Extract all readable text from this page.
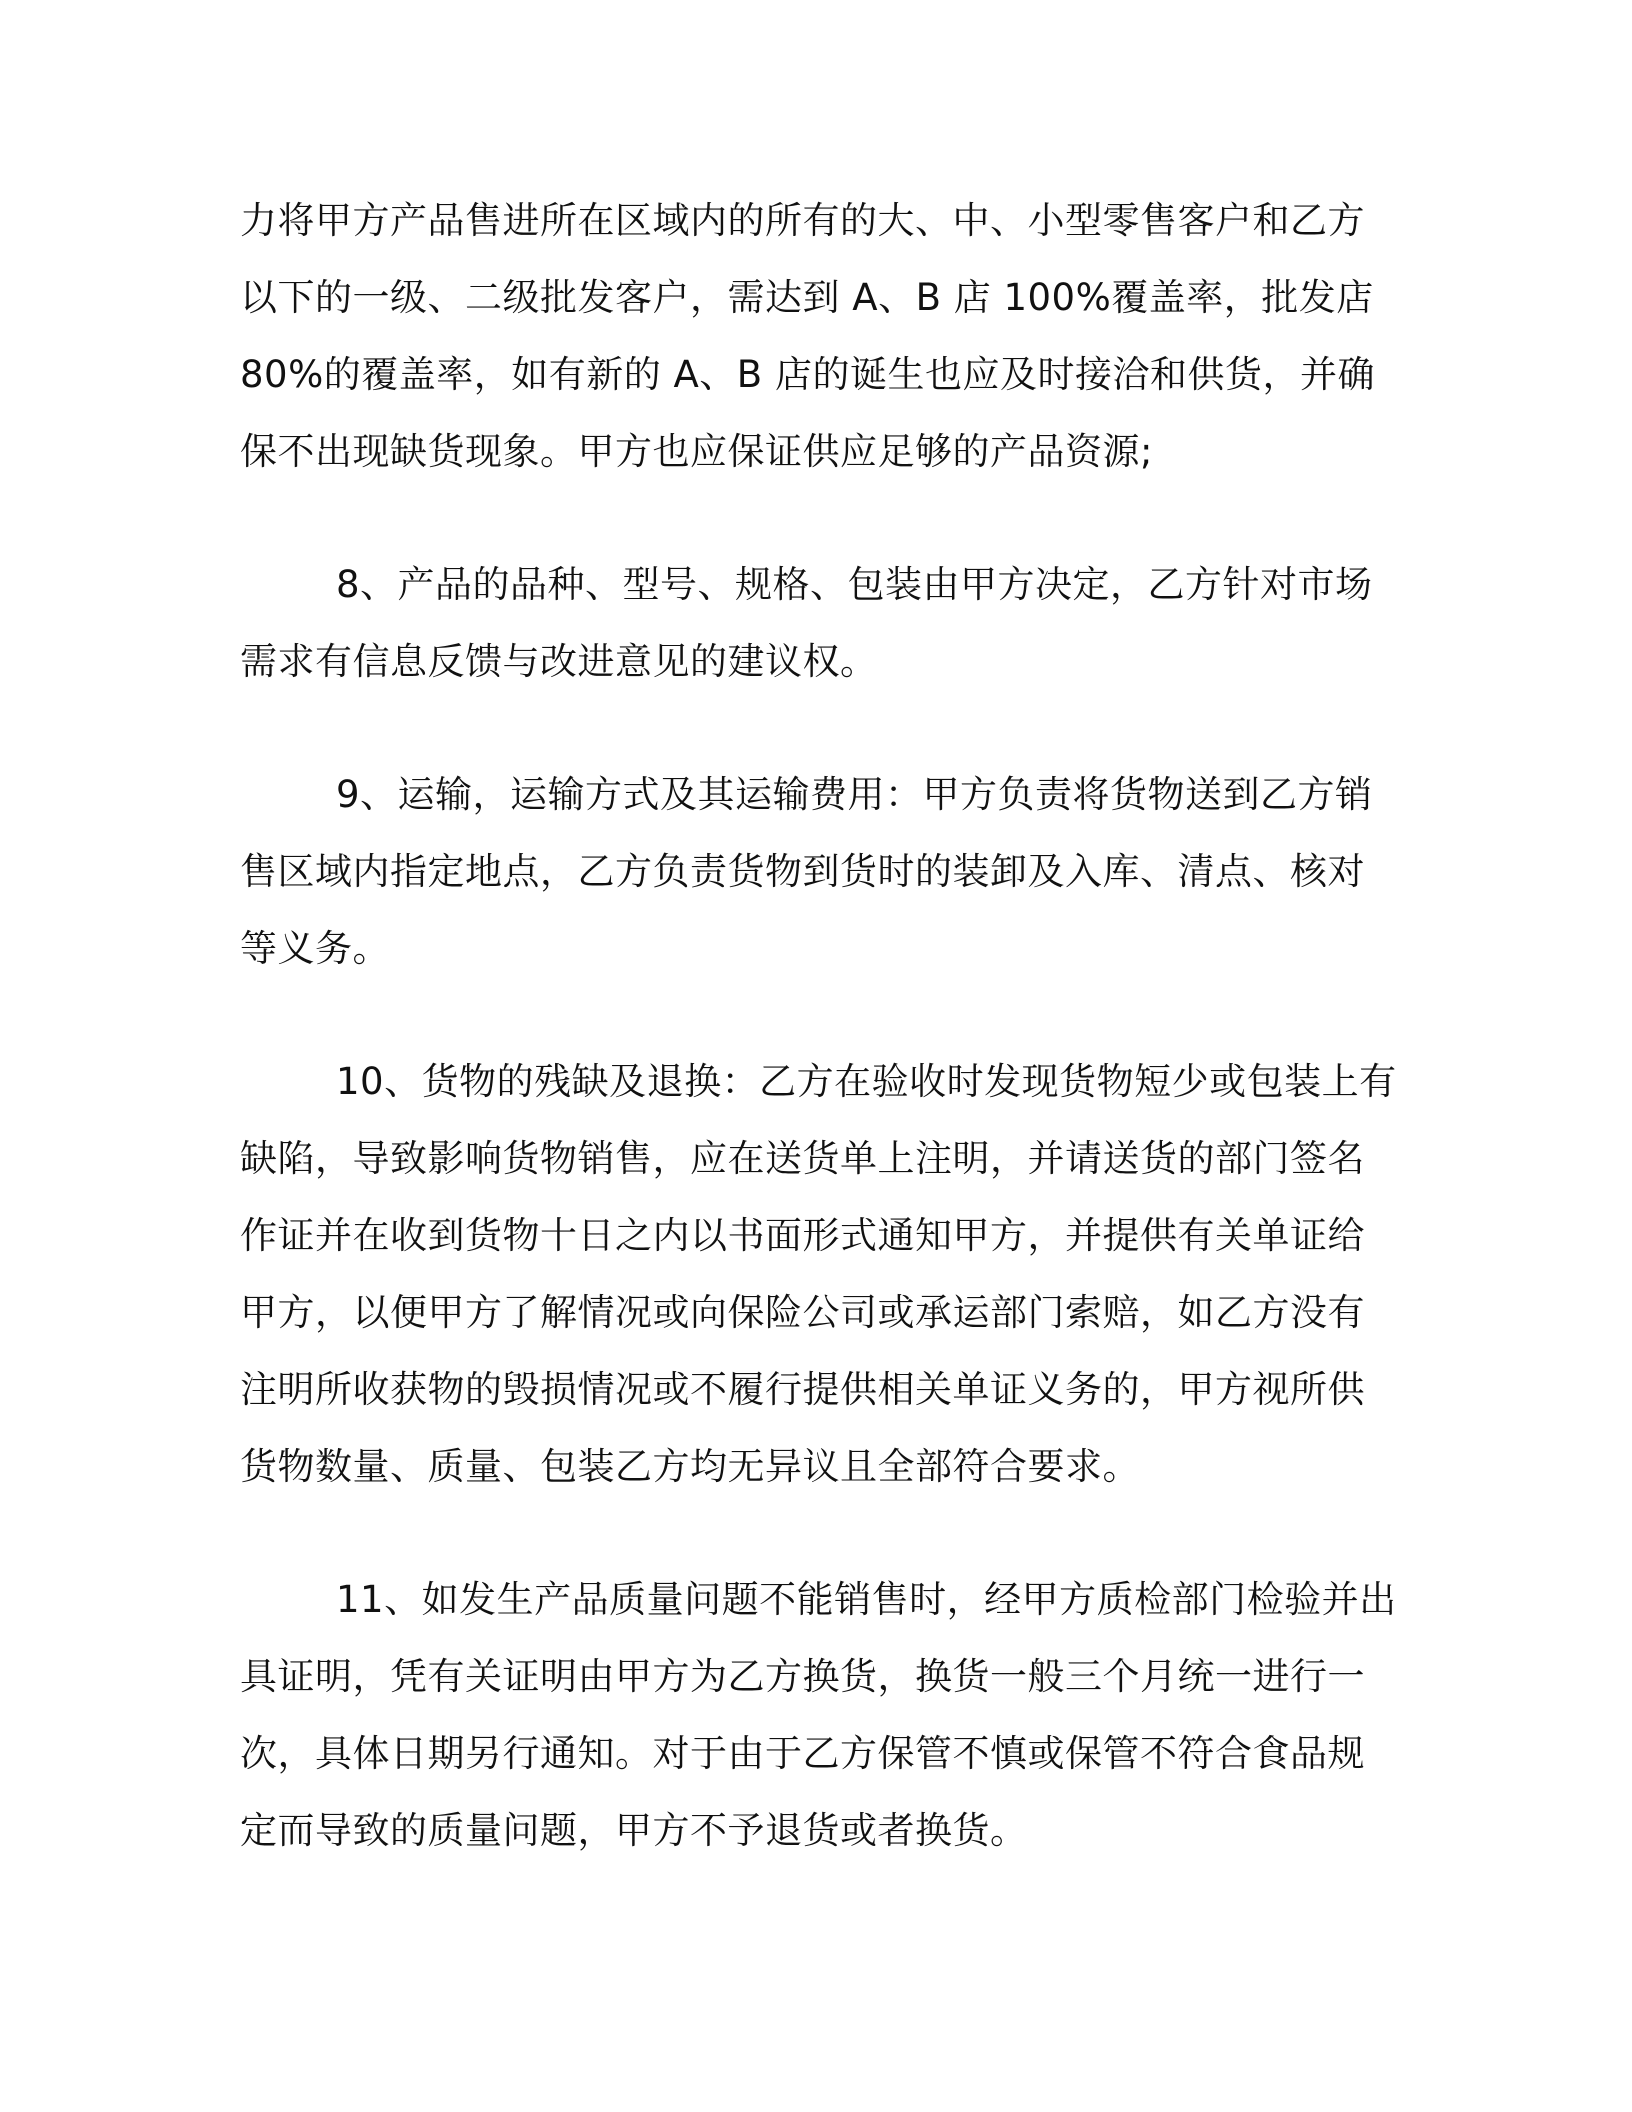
力将甲方产品售进所在区域内的所有的大、中、小型零售客户和乙方
以下的一级、二级批发客户，需达到 A、B 店 100%覆盖率，批发店
80%的覆盖率，如有新的 A、B 店的诞生也应及时接洽和供货，并确
保不出现缺货现象。甲方也应保证供应足够的产品资源;
8、产品的品种、型号、规格、包装由甲方决定，乙方针对市场
需求有信息反馈与改进意见的建议权。
9、运输，运输方式及其运输费用：甲方负责将货物送到乙方销
售区域内指定地点，乙方负责货物到货时的装卸及入库、清点、核对
等义务。
10、货物的残缺及退换：乙方在验收时发现货物短少或包装上有
缺陷，导致影响货物销售，应在送货单上注明，并请送货的部门签名
作证并在收到货物十日之内以书面形式通知甲方，并提供有关单证给
甲方，以便甲方了解情况或向保险公司或承运部门索赔，如乙方没有
注明所收获物的毁损情况或不履行提供相关单证义务的，甲方视所供
货物数量、质量、包装乙方均无异议且全部符合要求。
11、如发生产品质量问题不能销售时，经甲方质检部门检验并出
具证明，凭有关证明由甲方为乙方换货，换货一般三个月统一进行一
次，具体日期另行通知。对于由于乙方保管不慎或保管不符合食品规
定而导致的质量问题，甲方不予退货或者换货。
